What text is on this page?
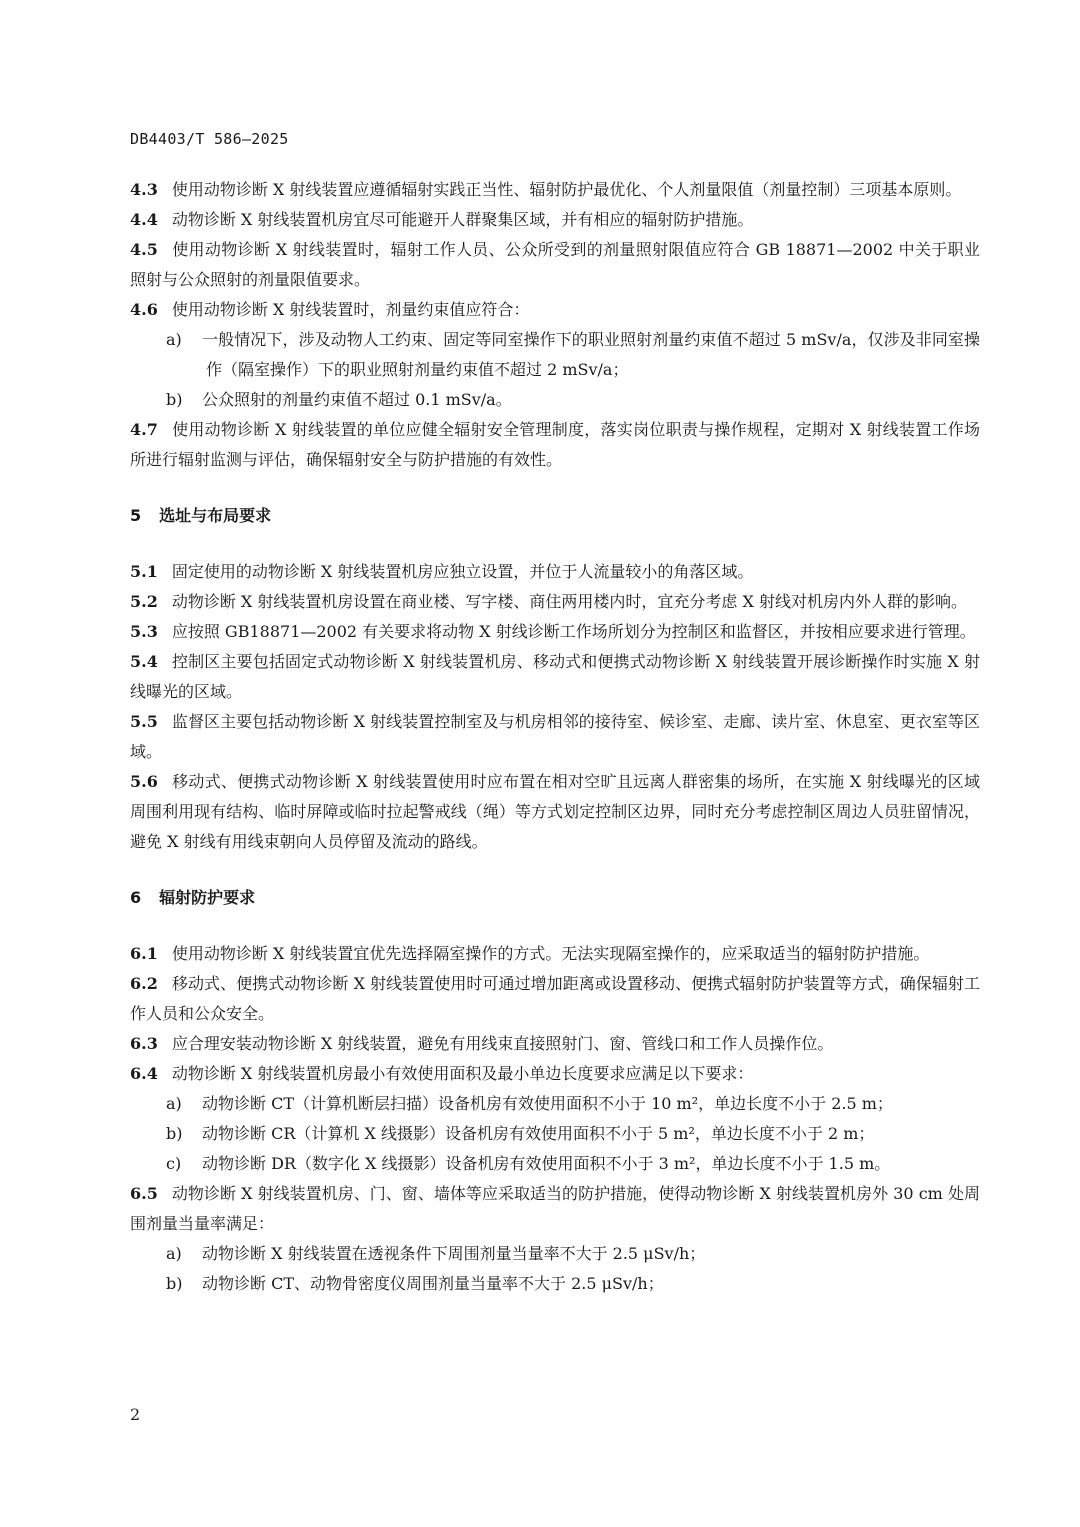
DB4403/T 586—2025
4.3 使用动物诊断 X 射线装置应遵循辐射实践正当性、辐射防护最优化、个人剂量限值（剂量控制）三项基本原则。
4.4 动物诊断 X 射线装置机房宜尽可能避开人群聚集区域，并有相应的辐射防护措施。
4.5 使用动物诊断 X 射线装置时，辐射工作人员、公众所受到的剂量照射限值应符合 GB 18871—2002 中关于职业照射与公众照射的剂量限值要求。
4.6 使用动物诊断 X 射线装置时，剂量约束值应符合：
a) 一般情况下，涉及动物人工约束、固定等同室操作下的职业照射剂量约束值不超过 5 mSv/a，仅涉及非同室操作（隔室操作）下的职业照射剂量约束值不超过 2 mSv/a；
b) 公众照射的剂量约束值不超过 0.1 mSv/a。
4.7 使用动物诊断 X 射线装置的单位应健全辐射安全管理制度，落实岗位职责与操作规程，定期对 X 射线装置工作场所进行辐射监测与评估，确保辐射安全与防护措施的有效性。
5 选址与布局要求
5.1 固定使用的动物诊断 X 射线装置机房应独立设置，并位于人流量较小的角落区域。
5.2 动物诊断 X 射线装置机房设置在商业楼、写字楼、商住两用楼内时，宜充分考虑 X 射线对机房内外人群的影响。
5.3 应按照 GB18871—2002 有关要求将动物 X 射线诊断工作场所划分为控制区和监督区，并按相应要求进行管理。
5.4 控制区主要包括固定式动物诊断 X 射线装置机房、移动式和便携式动物诊断 X 射线装置开展诊断操作时实施 X 射线曝光的区域。
5.5 监督区主要包括动物诊断 X 射线装置控制室及与机房相邻的接待室、候诊室、走廊、读片室、休息室、更衣室等区域。
5.6 移动式、便携式动物诊断 X 射线装置使用时应布置在相对空旷且远离人群密集的场所，在实施 X 射线曝光的区域周围利用现有结构、临时屏障或临时拉起警戒线（绳）等方式划定控制区边界，同时充分考虑控制区周边人员驻留情况，避免 X 射线有用线束朝向人员停留及流动的路线。
6 辐射防护要求
6.1 使用动物诊断 X 射线装置宜优先选择隔室操作的方式。无法实现隔室操作的，应采取适当的辐射防护措施。
6.2 移动式、便携式动物诊断 X 射线装置使用时可通过增加距离或设置移动、便携式辐射防护装置等方式，确保辐射工作人员和公众安全。
6.3 应合理安装动物诊断 X 射线装置，避免有用线束直接照射门、窗、管线口和工作人员操作位。
6.4 动物诊断 X 射线装置机房最小有效使用面积及最小单边长度要求应满足以下要求：
a) 动物诊断 CT（计算机断层扫描）设备机房有效使用面积不小于 10 m²，单边长度不小于 2.5 m；
b) 动物诊断 CR（计算机 X 线摄影）设备机房有效使用面积不小于 5 m²，单边长度不小于 2 m；
c) 动物诊断 DR（数字化 X 线摄影）设备机房有效使用面积不小于 3 m²，单边长度不小于 1.5 m。
6.5 动物诊断 X 射线装置机房、门、窗、墙体等应采取适当的防护措施，使得动物诊断 X 射线装置机房外 30 cm 处周围剂量当量率满足：
a) 动物诊断 X 射线装置在透视条件下周围剂量当量率不大于 2.5 μSv/h；
b) 动物诊断 CT、动物骨密度仪周围剂量当量率不大于 2.5 μSv/h；
2
